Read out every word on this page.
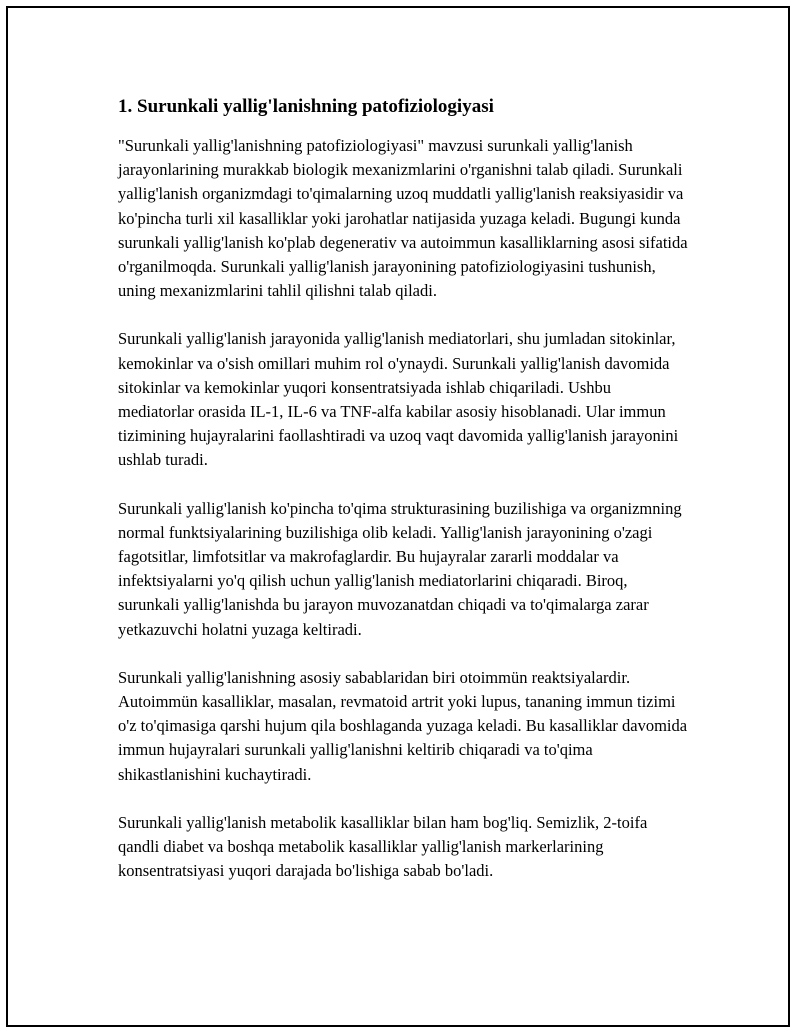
1. Surunkali yallig'lanishning patofiziologiyasi

"Surunkali yallig'lanishning patofiziologiyasi" mavzusi surunkali yallig'lanish jarayonlarining murakkab biologik mexanizmlarini o'rganishni talab qiladi. Surunkali yallig'lanish organizmdagi to'qimalarning uzoq muddatli yallig'lanish reaksiyasidir va ko'pincha turli xil kasalliklar yoki jarohatlar natijasida yuzaga keladi. Bugungi kunda surunkali yallig'lanish ko'plab degenerativ va autoimmun kasalliklarning asosi sifatida o'rganilmoqda. Surunkali yallig'lanish jarayonining patofiziologiyasini tushunish, uning mexanizmlarini tahlil qilishni talab qiladi.

Surunkali yallig'lanish jarayonida yallig'lanish mediatorlari, shu jumladan sitokinlar, kemokinlar va o'sish omillari muhim rol o'ynaydi. Surunkali yallig'lanish davomida sitokinlar va kemokinlar yuqori konsentratsiyada ishlab chiqariladi. Ushbu mediatorlar orasida IL-1, IL-6 va TNF-alfa kabilar asosiy hisoblanadi. Ular immun tizimining hujayralarini faollashtiradi va uzoq vaqt davomida yallig'lanish jarayonini ushlab turadi.

Surunkali yallig'lanish ko'pincha to'qima strukturasining buzilishiga va organizmning normal funktsiyalarining buzilishiga olib keladi. Yallig'lanish jarayonining o'zagi fagotsitlar, limfotsitlar va makrofaglardir. Bu hujayralar zararli moddalar va infektsiyalarni yo'q qilish uchun yallig'lanish mediatorlarini chiqaradi. Biroq, surunkali yallig'lanishda bu jarayon muvozanatdan chiqadi va to'qimalarga zarar yetkazuvchi holatni yuzaga keltiradi.

Surunkali yallig'lanishning asosiy sabablaridan biri otoimmün reaktsiyalardir. Autoimmün kasalliklar, masalan, revmatoid artrit yoki lupus, tananing immun tizimi o'z to'qimasiga qarshi hujum qila boshlaganda yuzaga keladi. Bu kasalliklar davomida immun hujayralari surunkali yallig'lanishni keltirib chiqaradi va to'qima shikastlanishini kuchaytiradi.

Surunkali yallig'lanish metabolik kasalliklar bilan ham bog'liq. Semizlik, 2-toifa qandli diabet va boshqa metabolik kasalliklar yallig'lanish markerlarining konsentratsiyasi yuqori darajada bo'lishiga sabab bo'ladi.
